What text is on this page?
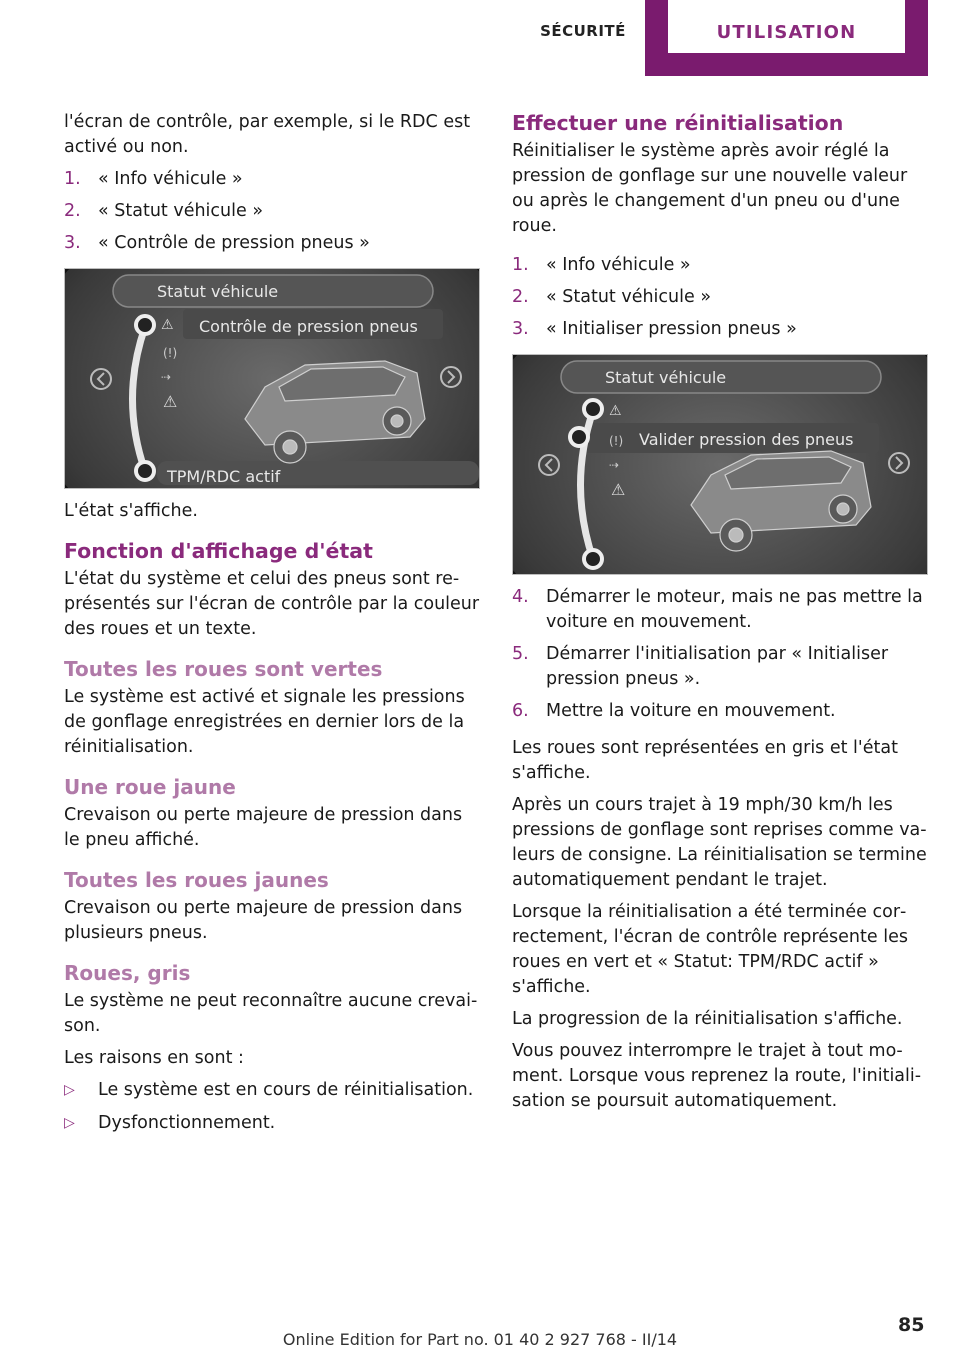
SÉCURITÉ	UTILISATION

l'écran de contrôle, par exemple, si le RDC est activé ou non.

1. « Info véhicule »
2. « Statut véhicule »
3. « Contrôle de pression pneus »
⚠
(!)
⇢
⚠
Statut véhicule
Contrôle de pression pneus
TPM/RDC actif

L'état s'affiche.

Fonction d'affichage d'état

L'état du système et celui des pneus sont représentés sur l'écran de contrôle par la couleur des roues et un texte.

Toutes les roues sont vertes

Le système est activé et signale les pressions de gonflage enregistrées en dernier lors de la réinitialisation.

Une roue jaune

Crevaison ou perte majeure de pression dans le pneu affiché.

Toutes les roues jaunes

Crevaison ou perte majeure de pression dans plusieurs pneus.

Roues, gris

Le système ne peut reconnaître aucune crevaison.

Les raisons en sont :

▷ Le système est en cours de réinitialisation.
▷ Dysfonctionnement.
Effectuer une réinitialisation

Réinitialiser le système après avoir réglé la pression de gonflage sur une nouvelle valeur ou après le changement d'un pneu ou d'une roue.

1. « Info véhicule »
2. « Statut véhicule »
3. « Initialiser pression pneus »
⚠
(!)
⇢
⚠
Statut véhicule
Valider pression des pneus
4. Démarrer le moteur, mais ne pas mettre la voiture en mouvement.
5. Démarrer l'initialisation par « Initialiser pression pneus ».
6. Mettre la voiture en mouvement.

Les roues sont représentées en gris et l'état s'affiche.

Après un cours trajet à 19 mph/30 km/h les pressions de gonflage sont reprises comme valeurs de consigne. La réinitialisation se termine automatiquement pendant le trajet.

Lorsque la réinitialisation a été terminée correctement, l'écran de contrôle représente les roues en vert et « Statut: TPM/RDC actif » s'affiche.

La progression de la réinitialisation s'affiche.

Vous pouvez interrompre le trajet à tout moment. Lorsque vous reprenez la route, l'initialisation se poursuit automatiquement.

85
Online Edition for Part no. 01 40 2 927 768 - II/14
